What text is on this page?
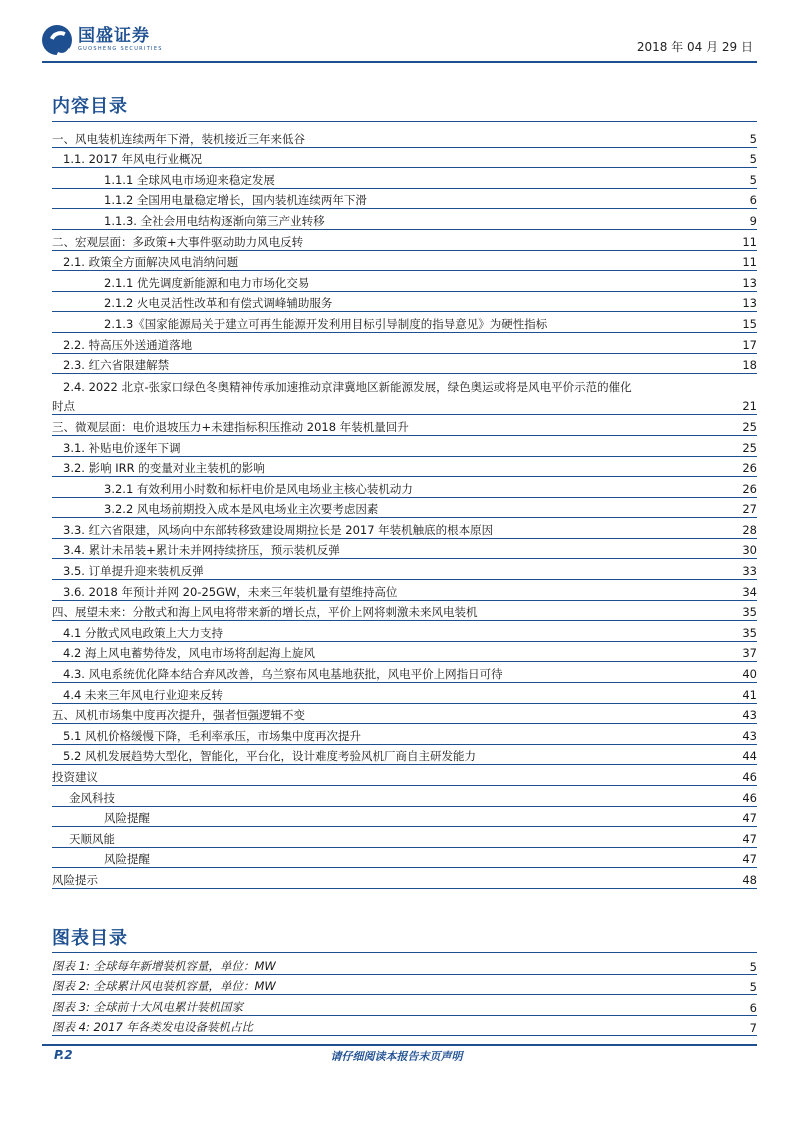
国盛证券
GUOSHENG SECURITIES	2018 年 04 月 29 日
内容目录
一、风电装机连续两年下滑，装机接近三年来低谷	5
1.1. 2017 年风电行业概况	5
1.1.1 全球风电市场迎来稳定发展	5
1.1.2 全国用电量稳定增长，国内装机连续两年下滑	6
1.1.3. 全社会用电结构逐渐向第三产业转移	9
二、宏观层面：多政策+大事件驱动助力风电反转	11
2.1. 政策全方面解决风电消纳问题	11
2.1.1 优先调度新能源和电力市场化交易	13
2.1.2 火电灵活性改革和有偿式调峰辅助服务	13
2.1.3《国家能源局关于建立可再生能源开发利用目标引导制度的指导意见》为硬性指标	15
2.2. 特高压外送通道落地	17
2.3. 红六省限建解禁	18
2.4. 2022 北京-张家口绿色冬奥精神传承加速推动京津冀地区新能源发展，绿色奥运或将是风电平价示范的催化
时点	21
三、微观层面：电价退坡压力+未建指标积压推动 2018 年装机量回升	25
3.1. 补贴电价逐年下调	25
3.2. 影响 IRR 的变量对业主装机的影响	26
3.2.1 有效利用小时数和标杆电价是风电场业主核心装机动力	26
3.2.2 风电场前期投入成本是风电场业主次要考虑因素	27
3.3. 红六省限建，风场向中东部转移致建设周期拉长是 2017 年装机触底的根本原因	28
3.4. 累计未吊装+累计未并网持续挤压，预示装机反弹	30
3.5. 订单提升迎来装机反弹	33
3.6. 2018 年预计并网 20-25GW，未来三年装机量有望维持高位	34
四、展望未来：分散式和海上风电将带来新的增长点，平价上网将刺激未来风电装机	35
4.1 分散式风电政策上大力支持	35
4.2 海上风电蓄势待发，风电市场将刮起海上旋风	37
4.3. 风电系统优化降本结合弃风改善，乌兰察布风电基地获批，风电平价上网指日可待	40
4.4 未来三年风电行业迎来反转	41
五、风机市场集中度再次提升，强者恒强逻辑不变	43
5.1 风机价格缓慢下降，毛利率承压，市场集中度再次提升	43
5.2 风机发展趋势大型化，智能化，平台化，设计难度考验风机厂商自主研发能力	44
投资建议	46
金风科技	46
风险提醒	47
天顺风能	47
风险提醒	47
风险提示	48
图表目录
图表 1: 全球每年新增装机容量，单位：MW	5
图表 2: 全球累计风电装机容量，单位：MW	5
图表 3: 全球前十大风电累计装机国家	6
图表 4: 2017 年各类发电设备装机占比	7
P.2	请仔细阅读本报告末页声明
